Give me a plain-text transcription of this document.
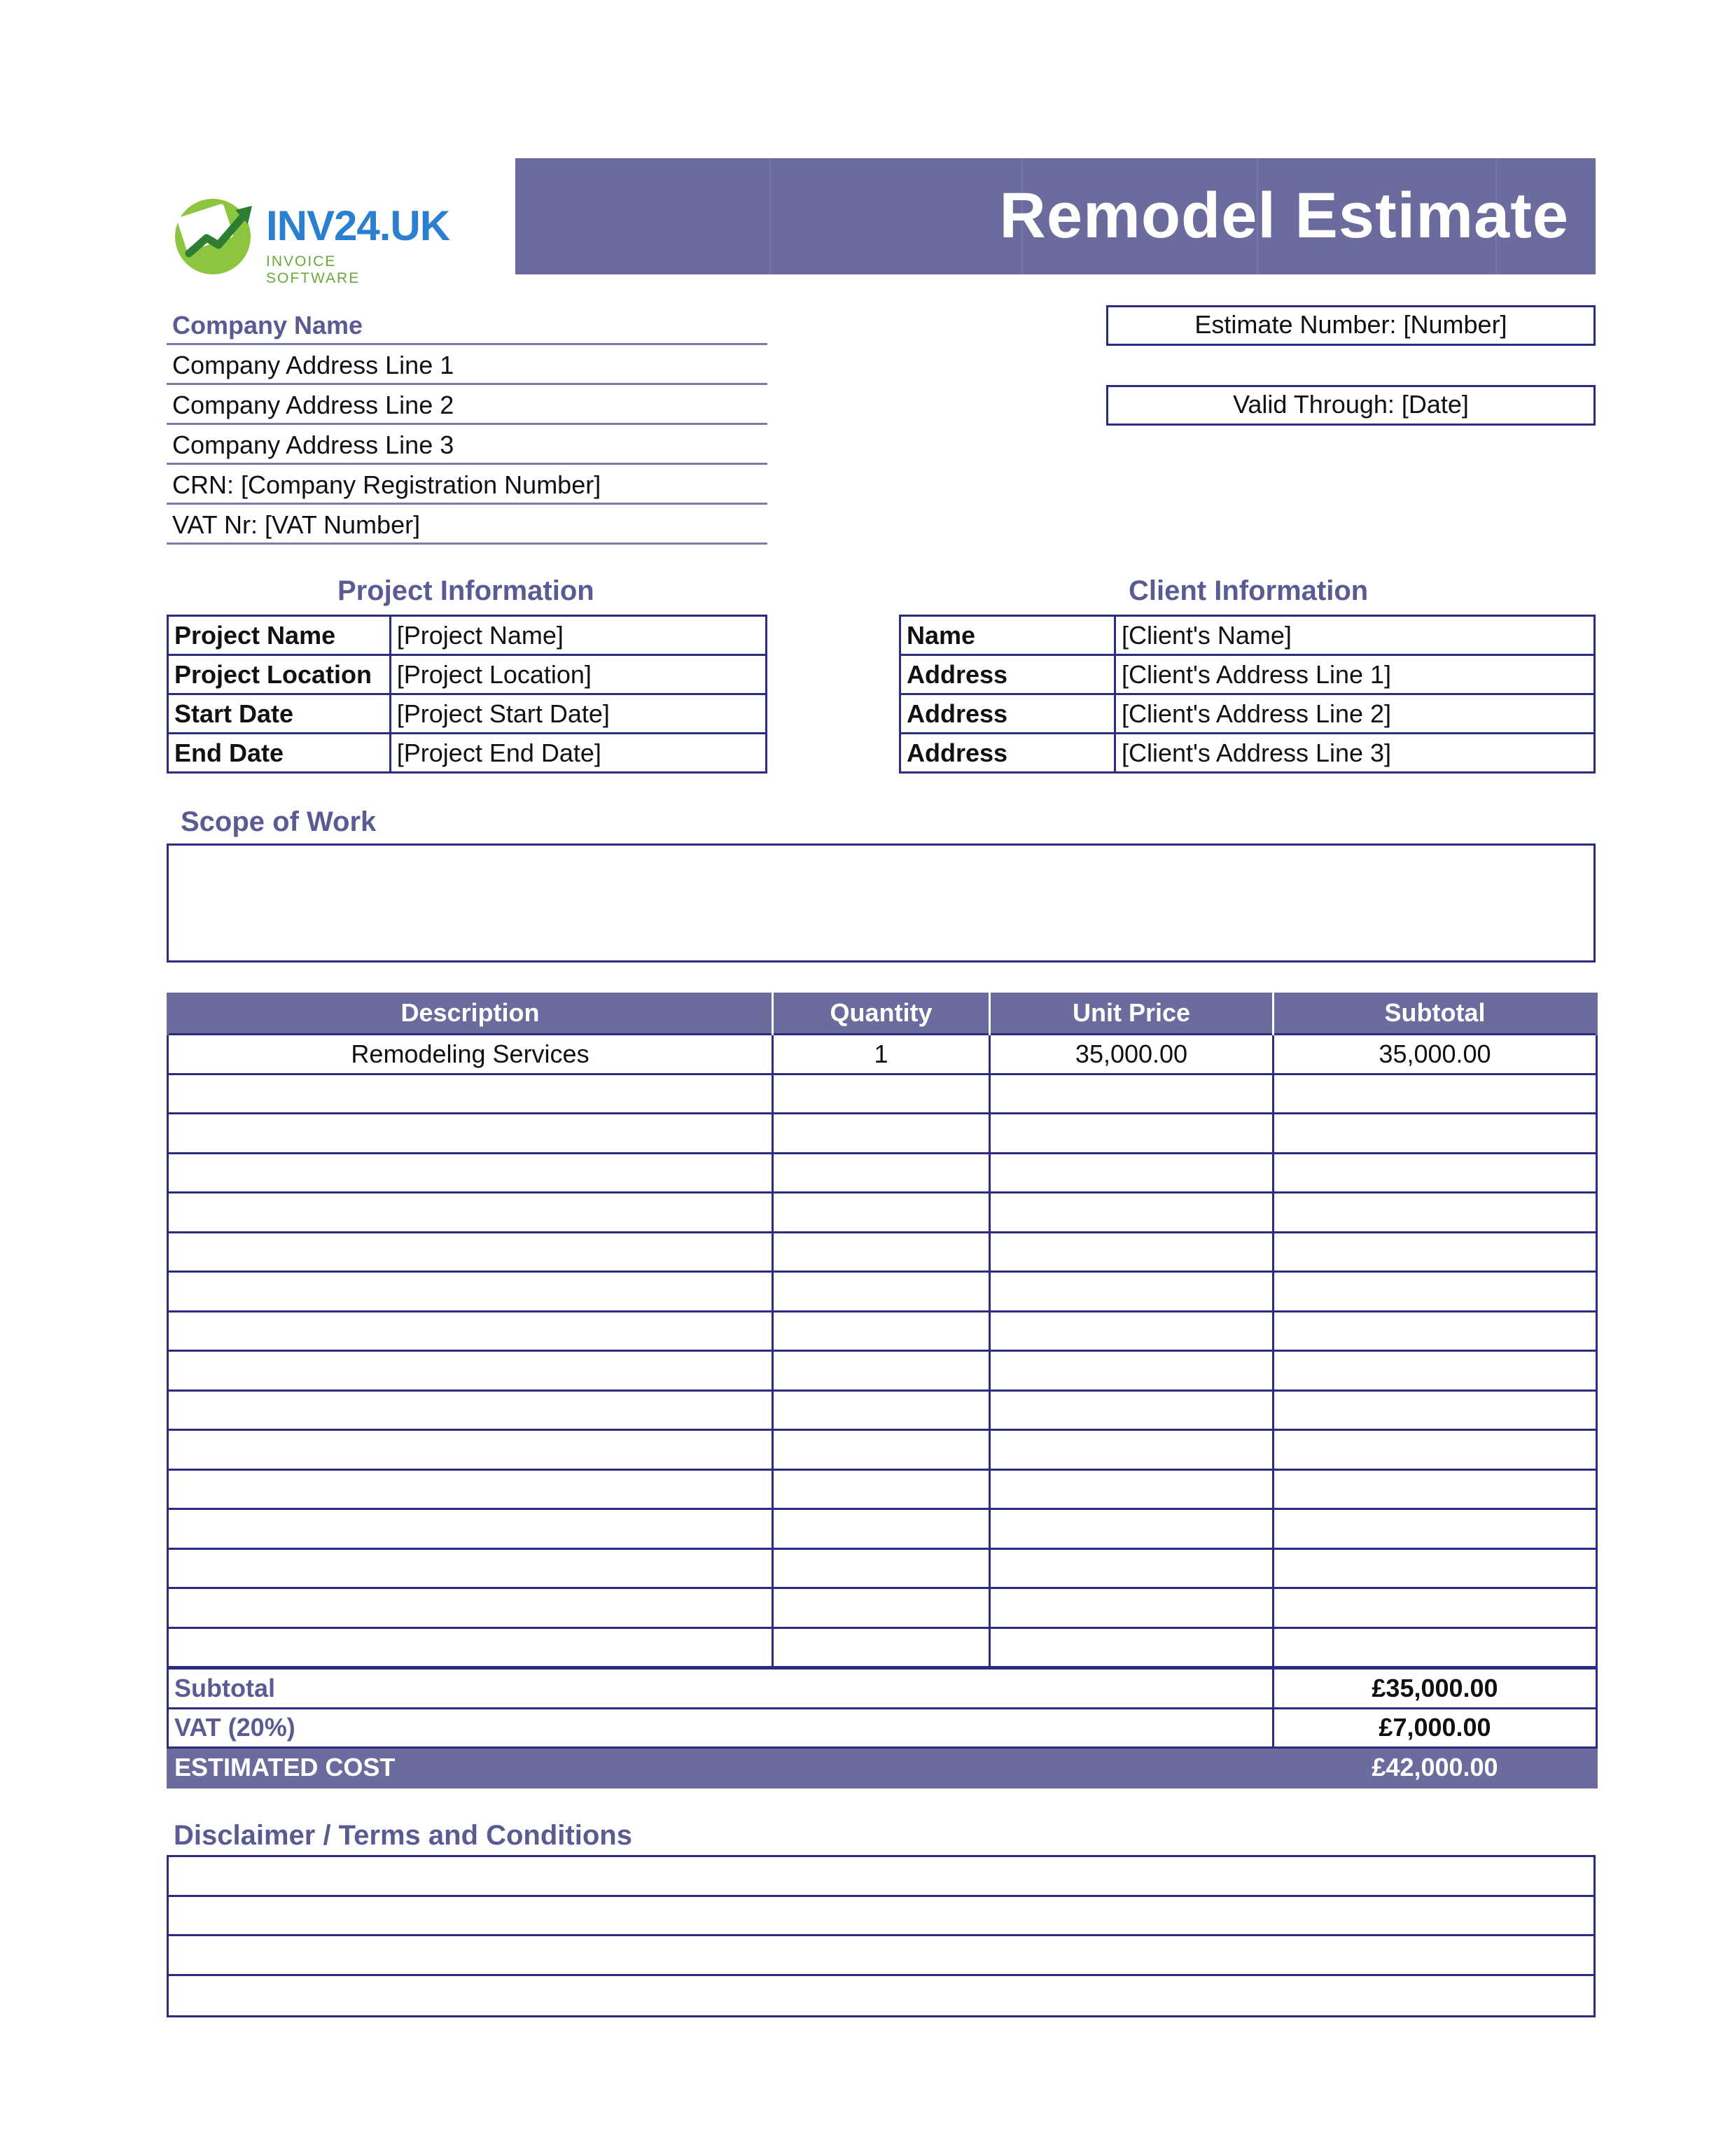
INV24.UK
INVOICE SOFTWARE
Remodel Estimate
Company Name
Company Address Line 1
Company Address Line 2
Company Address Line 3
CRN: [Company Registration Number]
VAT Nr: [VAT Number]
Estimate Number: [Number]
Valid Through: [Date]
Project Information
Project Name	[Project Name]
Project Location	[Project Location]
Start Date	[Project Start Date]
End Date	[Project End Date]
Client Information
Name	[Client's Name]
Address	[Client's Address Line 1]
Address	[Client's Address Line 2]
Address	[Client's Address Line 3]
Scope of Work
Description	Quantity	Unit Price	Subtotal
Remodeling Services	1	35,000.00	35,000.00

Subtotal	£35,000.00
VAT (20%)	£7,000.00
ESTIMATED COST	£42,000.00
Disclaimer / Terms and Conditions
